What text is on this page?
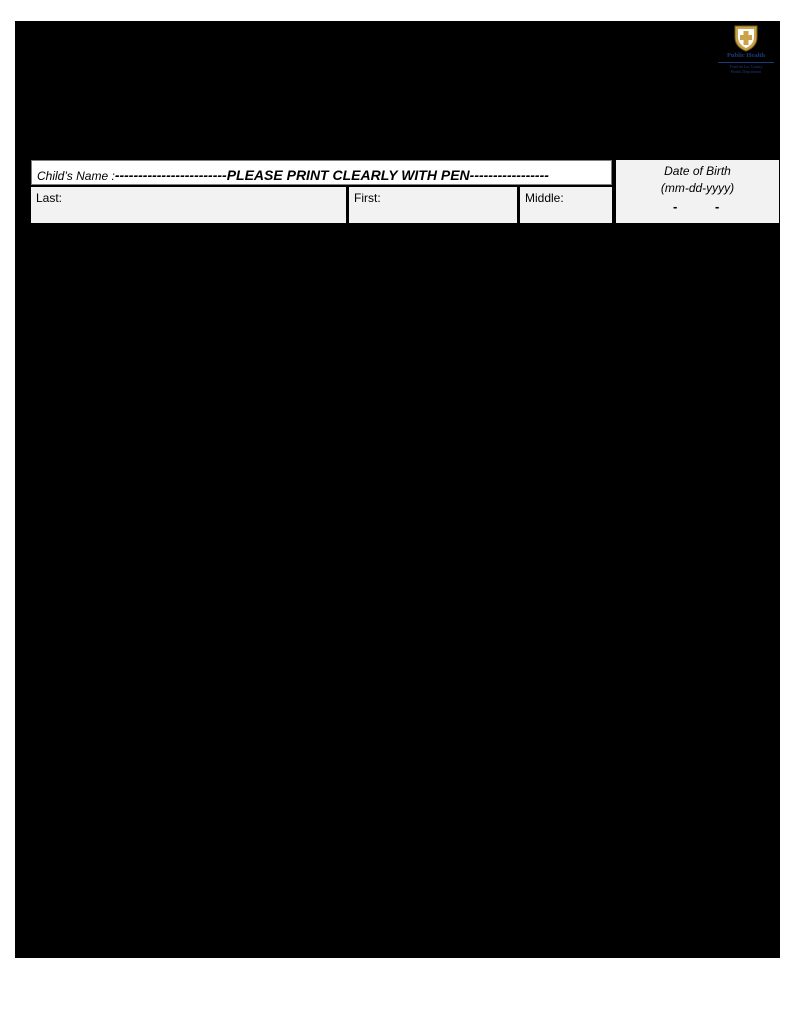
Public Health
Fond du Lac County
Health Department
Child’s Name :------------------------PLEASE PRINT CLEARLY WITH PEN-----------------
Last:	First:	Middle:
Date of Birth
(mm-dd-yyyy)
-	-
